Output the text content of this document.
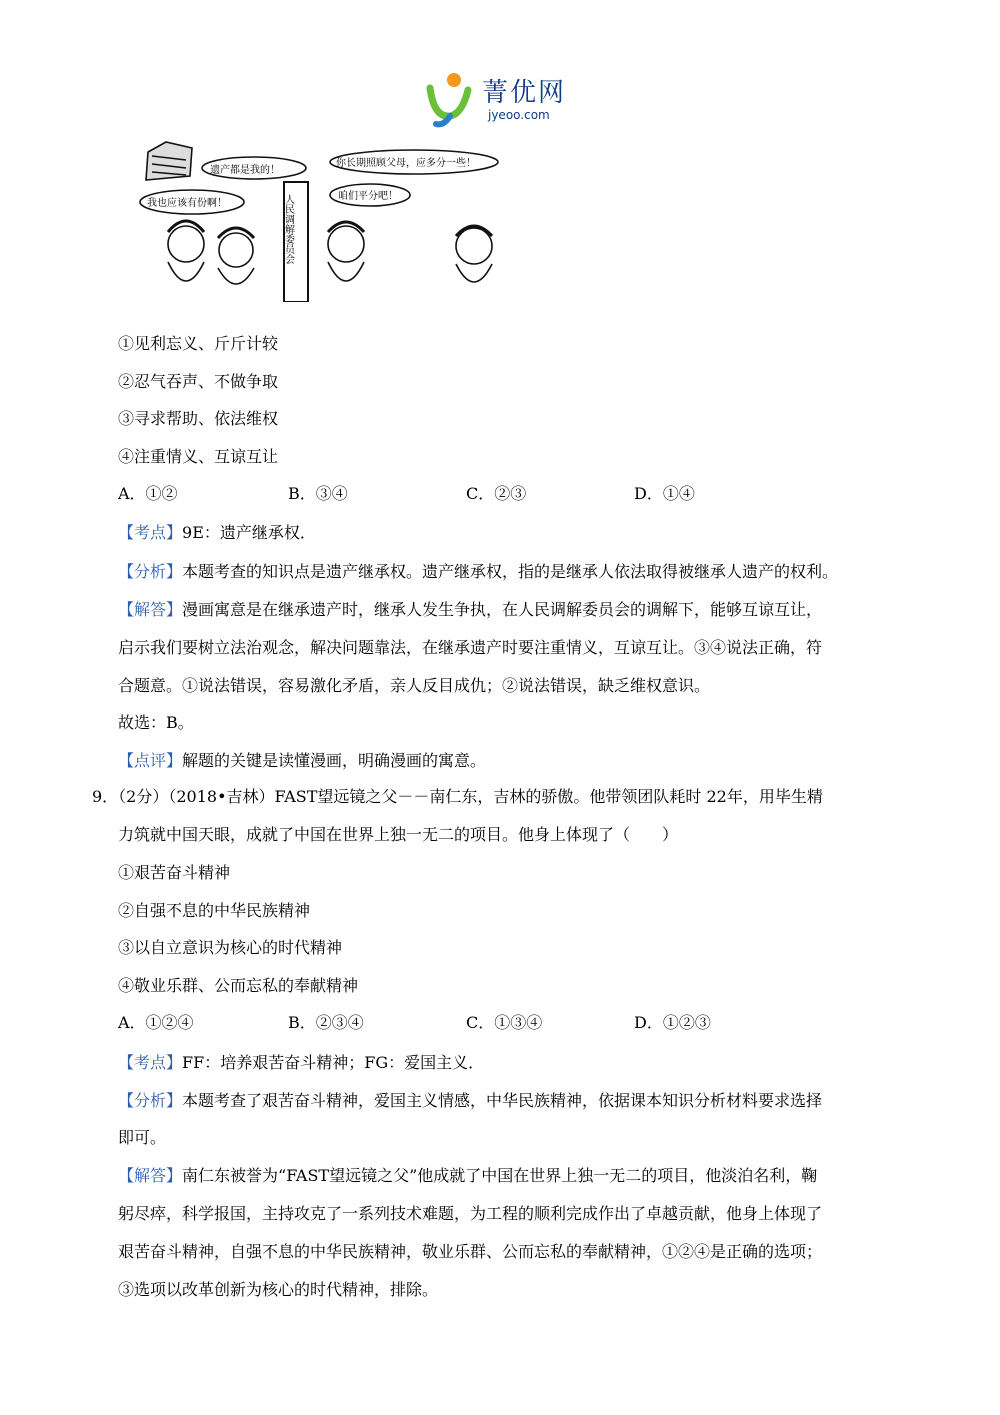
菁优网
jyeoo.com
遗产都是我的！
我也应该有份啊！	人民调解委员会
你长期照顾父母，应多分一些！
咱们平分吧！
①见利忘义、斤斤计较
②忍气吞声、不做争取
③寻求帮助、依法维权
④注重情义、互谅互让
A．①②	B．③④	C．②③	D．①④
【考点】9E：遗产继承权．
【分析】本题考查的知识点是遗产继承权。遗产继承权，指的是继承人依法取得被继承人遗产的权利。
【解答】漫画寓意是在继承遗产时，继承人发生争执，在人民调解委员会的调解下，能够互谅互让，
启示我们要树立法治观念，解决问题靠法，在继承遗产时要注重情义，互谅互让。③④说法正确，符
合题意。①说法错误，容易激化矛盾，亲人反目成仇；②说法错误，缺乏维权意识。
故选：B。
【点评】解题的关键是读懂漫画，明确漫画的寓意。
9．（2分）（2018•吉林）FAST望远镜之父－－南仁东，吉林的骄傲。他带领团队耗时 22年，用毕生精
力筑就中国天眼，成就了中国在世界上独一无二的项目。他身上体现了（　　）
①艰苦奋斗精神
②自强不息的中华民族精神
③以自立意识为核心的时代精神
④敬业乐群、公而忘私的奉献精神
A．①②④	B．②③④	C．①③④	D．①②③
【考点】FF：培养艰苦奋斗精神；FG：爱国主义．
【分析】本题考查了艰苦奋斗精神，爱国主义情感，中华民族精神，依据课本知识分析材料要求选择
即可。
【解答】南仁东被誉为“FAST望远镜之父”他成就了中国在世界上独一无二的项目，他淡泊名利，鞠
躬尽瘁，科学报国，主持攻克了一系列技术难题，为工程的顺利完成作出了卓越贡献，他身上体现了
艰苦奋斗精神，自强不息的中华民族精神，敬业乐群、公而忘私的奉献精神，①②④是正确的选项；
③选项以改革创新为核心的时代精神，排除。
